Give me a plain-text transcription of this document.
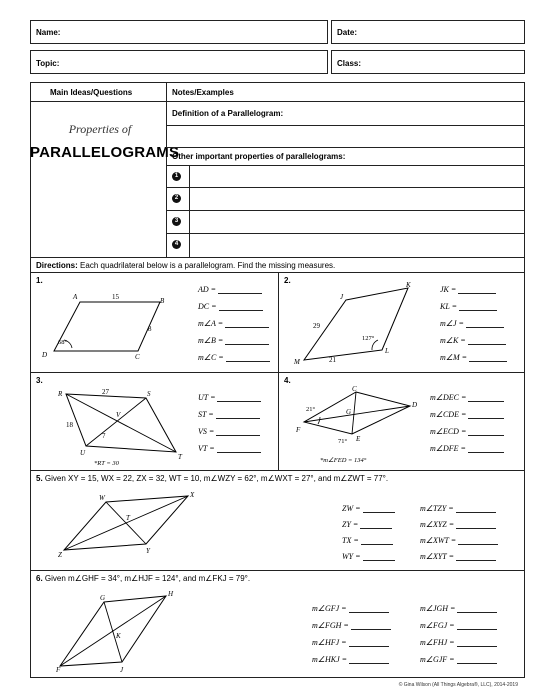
Name:	Date:
Topic:	Class:
Main Ideas/Questions	Notes/Examples
Properties of
PARALLELOGRAMS
Definition of a Parallelogram:
Other important properties of parallelograms:
1
2
3
4
Directions: Each quadrilateral below is a parallelogram. Find the missing measures.
1.
A	B
C
D
15
8
68°
AD =
DC =
m∠A =
m∠B =
m∠C =
2.
J
K
L
M
29
21
127°
JK =
KL =
m∠J =
m∠K =
m∠M =
3.
R	S
T
U
V
27
18
7
*RT = 30
UT =
ST =
VS =
VT =
4.
C
D
E
F
G
21°
71°
*m∠FED = 134°
m∠DEC =
m∠CDE =
m∠ECD =
m∠DFE =
5. Given XY = 15, WX = 22, ZX = 32, WT = 10, m∠WZY = 62°, m∠WXT = 27°, and m∠ZWT = 77°.
W	X
Y
Z
T
ZW =
ZY =
TX =
WY =
m∠TZY =
m∠XYZ =
m∠XWT =
m∠XYT =
6. Given m∠GHF = 34°, m∠HJF = 124°, and m∠FKJ = 79°.
G	H
F	J
K
m∠GFJ =
m∠FGH =
m∠HFJ =
m∠HKJ =
m∠JGH =
m∠FGJ =
m∠FHJ =
m∠GJF =
© Gina Wilson (All Things Algebra®, LLC), 2014-2019
